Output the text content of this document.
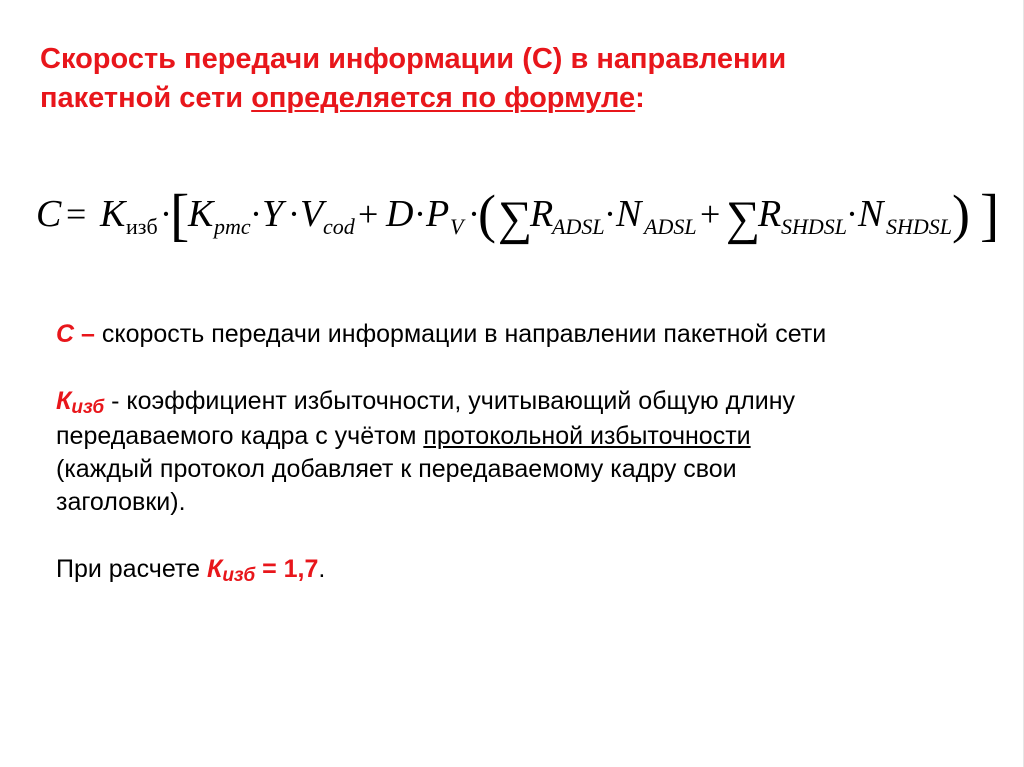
Скорость передачи информации (С) в направлении
пакетной сети определяется по формуле:
C = K изб ·
[
K pmc · Y · V cod + D · P V ·
( ∑
R
ADSL · N ADSL + ∑
R SHDSL
· N SHDSL ) ]

С – скорость передачи информации в направлении пакетной сети

Кизб - коэффициент избыточности, учитывающий общую длину

передаваемого кадра с учётом протокольной избыточности

(каждый протокол добавляет к передаваемому кадру свои

заголовки).

При расчете Кизб = 1,7.
